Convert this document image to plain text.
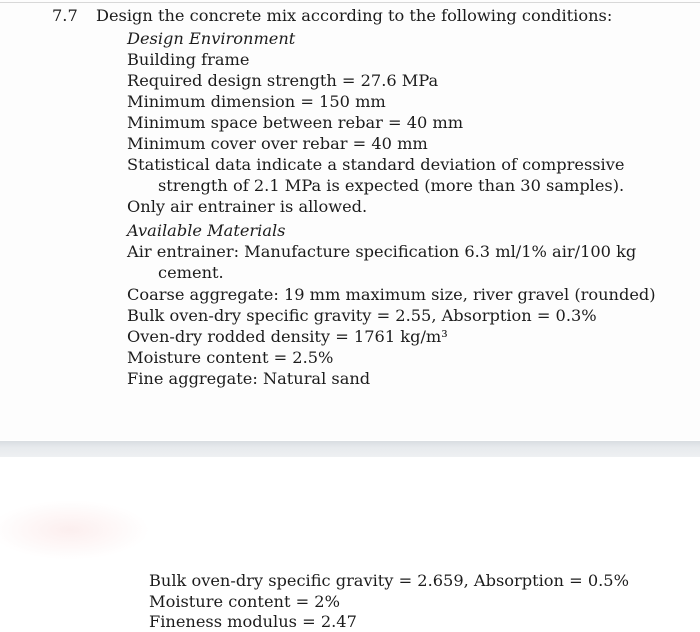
7.7 Design the concrete mix according to the following conditions:
Design Environment
Building frame
Required design strength = 27.6 MPa
Minimum dimension = 150 mm
Minimum space between rebar = 40 mm
Minimum cover over rebar = 40 mm
Statistical data indicate a standard deviation of compressive
strength of 2.1 MPa is expected (more than 30 samples).
Only air entrainer is allowed.
Available Materials
Air entrainer: Manufacture specification 6.3 ml/1% air/100 kg
cement.
Coarse aggregate: 19 mm maximum size, river gravel (rounded)
Bulk oven-dry specific gravity = 2.55, Absorption = 0.3%
Oven-dry rodded density = 1761 kg/m³
Moisture content = 2.5%
Fine aggregate: Natural sand
Bulk oven-dry specific gravity = 2.659, Absorption = 0.5%
Moisture content = 2%
Fineness modulus = 2.47
